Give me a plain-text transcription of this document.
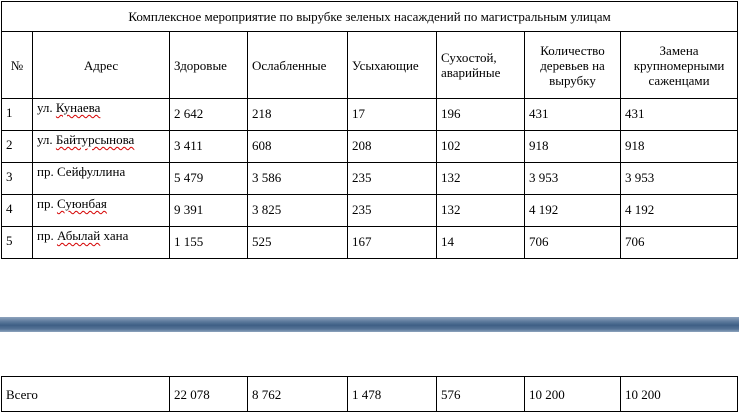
Комплексное мероприятие по вырубке зеленых насаждений по магистральным улицам							
№	Адрес	Здоровые	Ослабленные	Усыхающие	Сухостой, аварийные	Количество деревьев на вырубку	Замена крупномерными саженцами
1	ул. Кунаева	2 642	218	17	196	431	431
2	ул. Байтурсынова	3 411	608	208	102	918	918
3	пр. Сейфуллина	5 479	3 586	235	132	3 953	3 953
4	пр. Суюнбая	9 391	3 825	235	132	4 192	4 192
5	пр. Абылай хана	1 155	525	167	14	706	706
Всего	22 078	8 762	1 478	576	10 200	10 200
